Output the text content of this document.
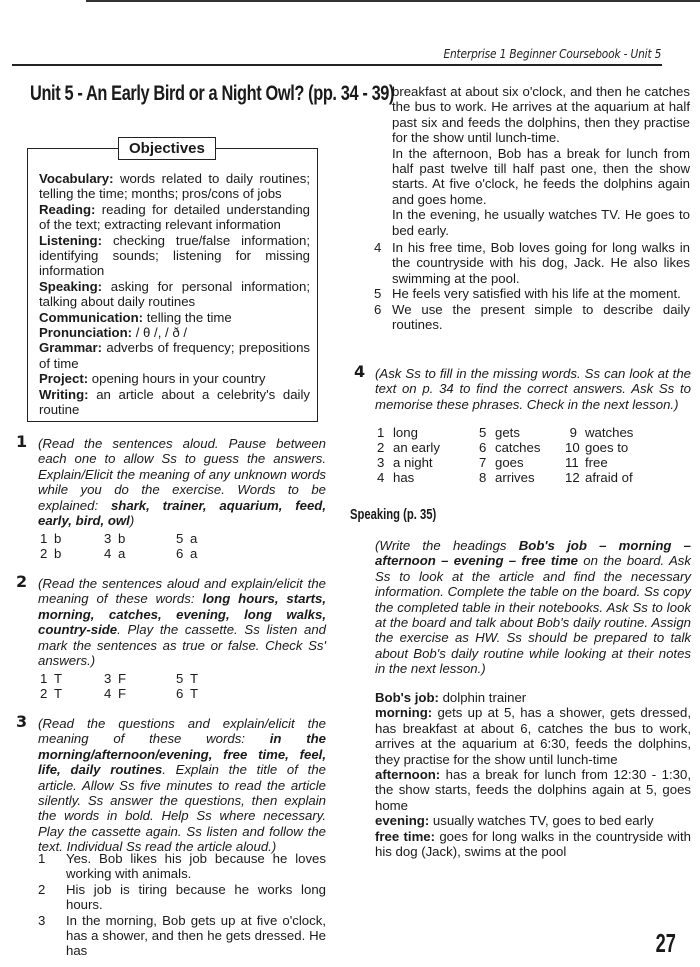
Enterprise 1 Beginner Coursebook - Unit 5
Unit 5 - An Early Bird or a Night Owl? (pp. 34 - 39)
Objectives

Vocabulary: words related to daily routines; telling the time; months; pros/cons of jobs

Reading: reading for detailed understanding of the text; extracting relevant information

Listening: checking true/false information; identifying sounds; listening for missing information

Speaking: asking for personal information; talking about daily routines

Communication: telling the time

Pronunciation: / θ /, / ð /

Grammar: adverbs of frequency; prepositions of time

Project: opening hours in your country

Writing: an article about a celebrity's daily routine

1 (Read the sentences aloud. Pause between each one to allow Ss to guess the answers. Explain/Elicit the meaning of any unknown words while you do the exercise. Words to be explained: shark, trainer, aquarium, feed, early, bird, owl)
1 b	3 b	5 a
2 b	4 a	6 a
2 (Read the sentences aloud and explain/elicit the meaning of these words: long hours, starts, morning, catches, evening, long walks, country-side. Play the cassette. Ss listen and mark the sentences as true or false. Check Ss' answers.)
1 T	3 F	5 T
2 T	4 F	6 T
3 (Read the questions and explain/elicit the meaning of these words: in the morning/afternoon/evening, free time, feel, life, daily routines. Explain the title of the article. Allow Ss five minutes to read the article silently. Ss answer the questions, then explain the words in bold. Help Ss where necessary. Play the cassette again. Ss listen and follow the text. Individual Ss read the article aloud.)
1 Yes. Bob likes his job because he loves working with animals.
2 His job is tiring because he works long hours.
3 In the morning, Bob gets up at five o'clock, has a shower, and then he gets dressed. He has

breakfast at about six o'clock, and then he catches the bus to work. He arrives at the aquarium at half past six and feeds the dolphins, then they practise for the show until lunch-time.

In the afternoon, Bob has a break for lunch from half past twelve till half past one, then the show starts. At five o'clock, he feeds the dolphins again and goes home.

In the evening, he usually watches TV. He goes to bed early.

4 In his free time, Bob loves going for long walks in the countryside with his dog, Jack. He also likes swimming at the pool.
5 He feels very satisfied with his life at the moment.
6 We use the present simple to describe daily routines.
4 (Ask Ss to fill in the missing words. Ss can look at the text on p. 34 to find the correct answers. Ask Ss to memorise these phrases. Check in the next lesson.)
1 long	5 gets	9 watches
2 an early	6 catches	10 goes to
3 a night	7 goes	11 free
4 has	8 arrives	12 afraid of
Speaking (p. 35)
(Write the headings Bob's job – morning – afternoon – evening – free time on the board. Ask Ss to look at the article and find the necessary information. Complete the table on the board. Ss copy the completed table in their notebooks. Ask Ss to look at the board and talk about Bob's daily routine. Assign the exercise as HW. Ss should be prepared to talk about Bob's daily routine while looking at their notes in the next lesson.)

Bob's job: dolphin trainer

morning: gets up at 5, has a shower, gets dressed, has breakfast at about 6, catches the bus to work, arrives at the aquarium at 6:30, feeds the dolphins, they practise for the show until lunch-time

afternoon: has a break for lunch from 12:30 - 1:30, the show starts, feeds the dolphins again at 5, goes home

evening: usually watches TV, goes to bed early

free time: goes for long walks in the countryside with his dog (Jack), swims at the pool

27
